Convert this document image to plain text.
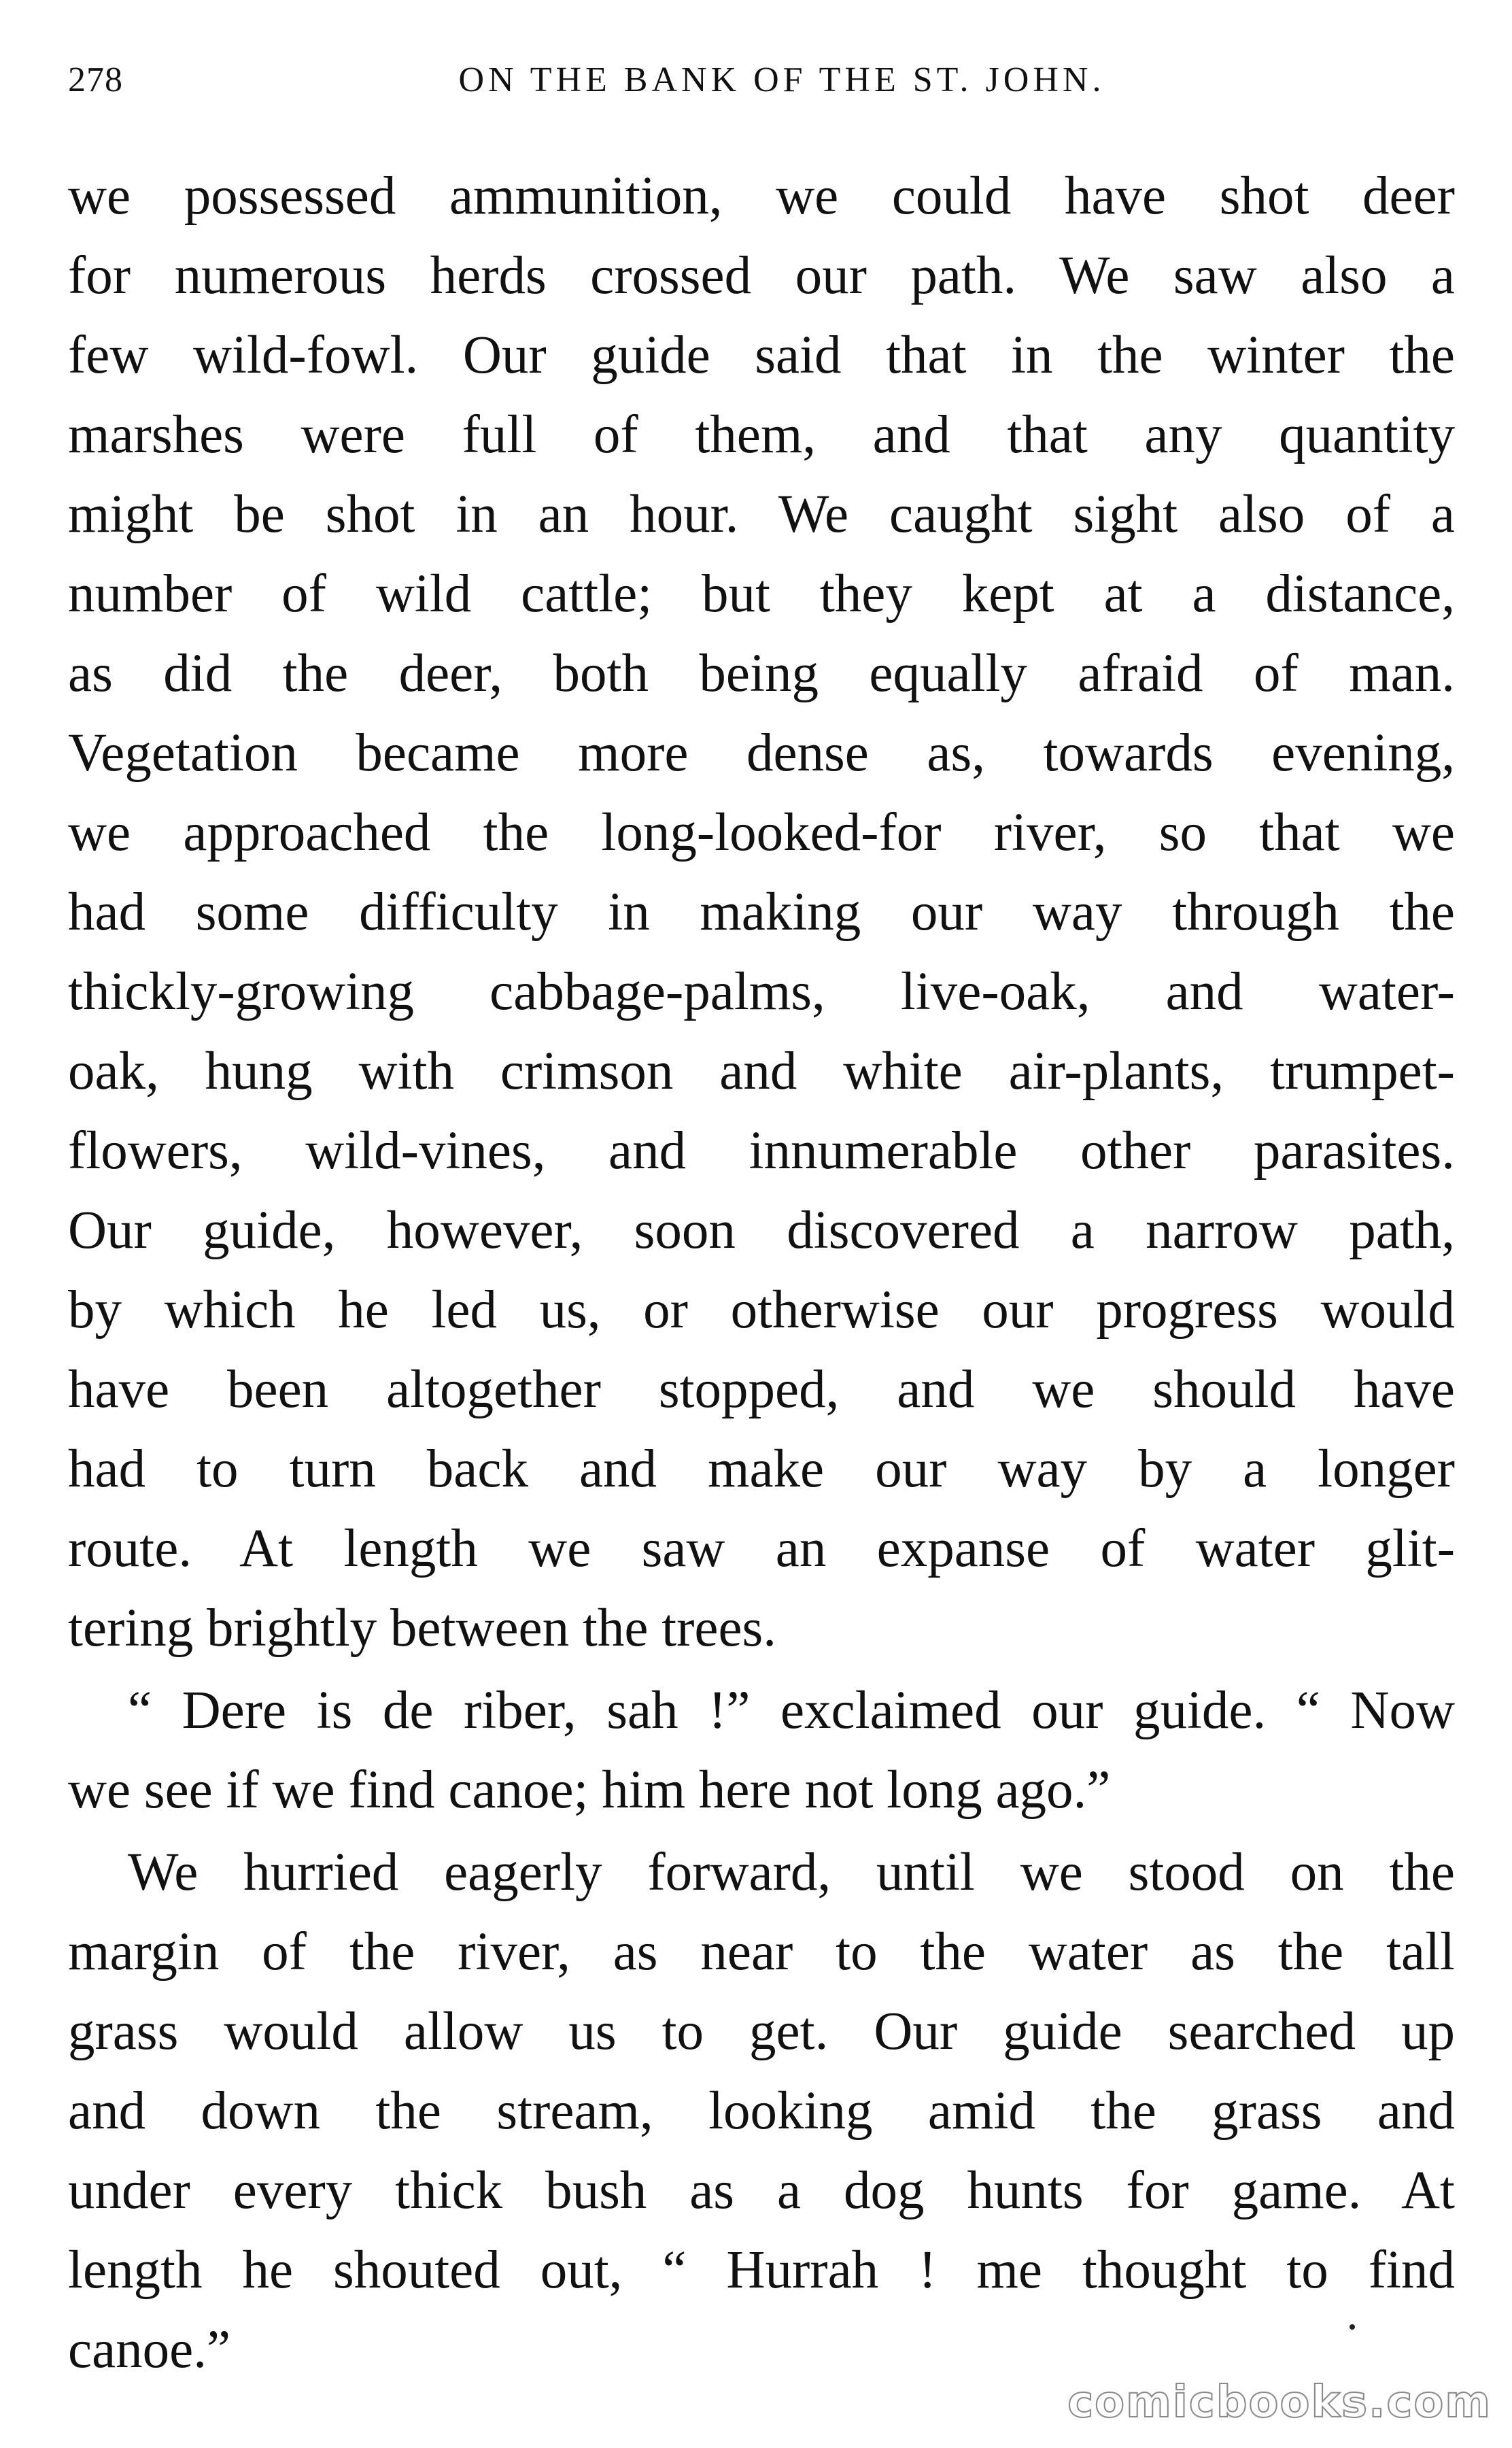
278	ON THE BANK OF THE ST. JOHN.
we possessed ammunition, we could have shot deer
for numerous herds crossed our path. We saw also a
few wild-fowl. Our guide said that in the winter the
marshes were full of them, and that any quantity
might be shot in an hour. We caught sight also of a
number of wild cattle; but they kept at a distance,
as did the deer, both being equally afraid of man.
Vegetation became more dense as, towards evening,
we approached the long-looked-for river, so that we
had some difficulty in making our way through the
thickly-growing cabbage-palms, live-oak, and water-
oak, hung with crimson and white air-plants, trumpet-
flowers, wild-vines, and innumerable other parasites.
Our guide, however, soon discovered a narrow path,
by which he led us, or otherwise our progress would
have been altogether stopped, and we should have
had to turn back and make our way by a longer
route. At length we saw an expanse of water glit-
tering brightly between the trees.
“ Dere is de riber, sah !” exclaimed our guide. “ Now
we see if we find canoe; him here not long ago.”
We hurried eagerly forward, until we stood on the
margin of the river, as near to the water as the tall
grass would allow us to get. Our guide searched up
and down the stream, looking amid the grass and
under every thick bush as a dog hunts for game. At
length he shouted out, “ Hurrah ! me thought to find
canoe.”
comicbooks.com
